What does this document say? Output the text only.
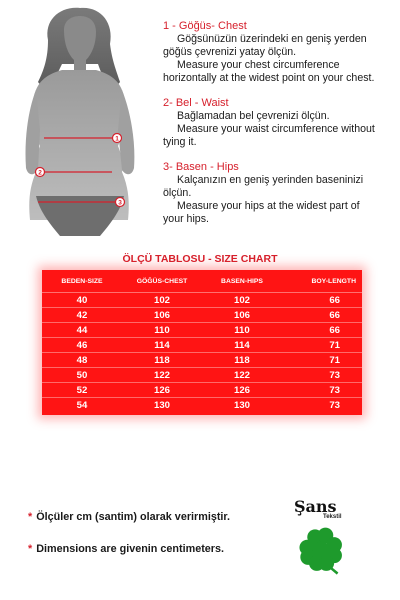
1
2
3
1 - Göğüs- Chest
Göğsünüzün üzerindeki en geniş yerden
göğüs çevrenizi yatay ölçün.
Measure your chest circumference
horizontally at the widest point on your chest.
2- Bel - Waist
Bağlamadan bel çevrenizi ölçün.
Measure your waist circumference without
tying it.
3- Basen - Hips
Kalçanızın en geniş yerinden baseninizi
ölçün.
Measure your hips at the widest part of
your hips.
ÖLÇÜ TABLOSU - SIZE CHART
BEDEN-SIZE	GÖĞÜS-CHEST	BASEN-HIPS	BOY-LENGTH
40	102	102	66
42	106	106	66
44	110	110	66
46	114	114	71
48	118	118	71
50	122	122	73
52	126	126	73
54	130	130	73
* Ölçüler cm (santim) olarak verirmiştir.
* Dimensions are givenin centimeters.
Şans
Tekstil
